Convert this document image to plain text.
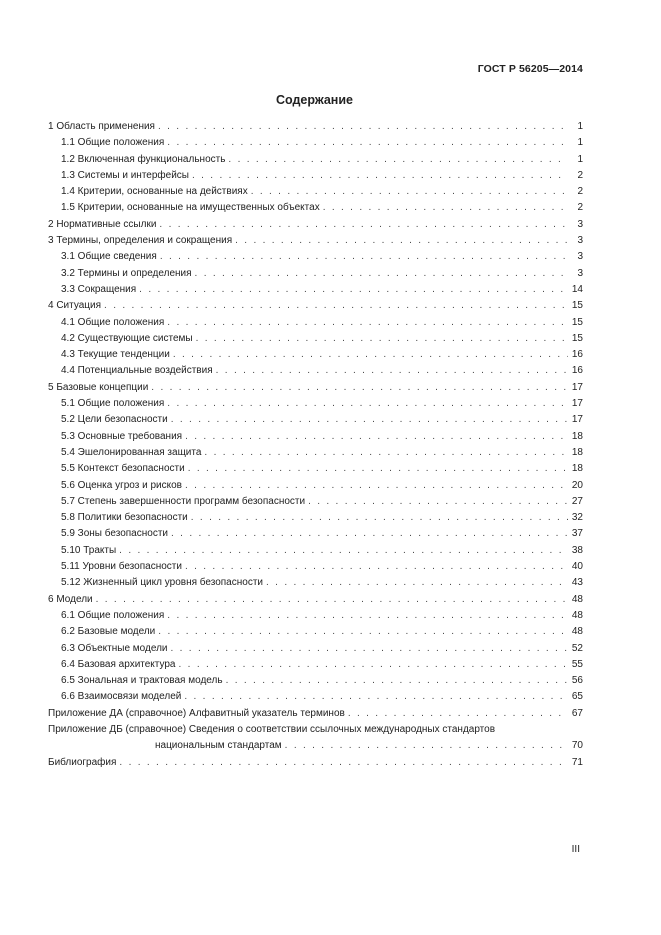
ГОСТ Р 56205—2014
Содержание
1 Область применения . . .	1
1.1 Общие положения . . .	1
1.2 Включенная функциональность . . .	1
1.3 Системы и интерфейсы . . .	2
1.4 Критерии, основанные на действиях . . .	2
1.5 Критерии, основанные на имущественных объектах . . .	2
2 Нормативные ссылки . . .	3
3 Термины, определения и сокращения . . .	3
3.1 Общие сведения . . .	3
3.2 Термины и определения . . .	3
3.3 Сокращения . . .	14
4 Ситуация . . .	15
4.1 Общие положения . . .	15
4.2 Существующие системы . . .	15
4.3 Текущие тенденции . . .	16
4.4 Потенциальные воздействия . . .	16
5 Базовые концепции . . .	17
5.1 Общие положения . . .	17
5.2 Цели безопасности . . .	17
5.3 Основные требования . . .	18
5.4 Эшелонированная защита . . .	18
5.5 Контекст безопасности . . .	18
5.6 Оценка угроз и рисков . . .	20
5.7 Степень завершенности программ безопасности . . .	27
5.8 Политики безопасности . . .	32
5.9 Зоны безопасности . . .	37
5.10 Тракты . . .	38
5.11 Уровни безопасности . . .	40
5.12 Жизненный цикл уровня безопасности . . .	43
6 Модели . . .	48
6.1 Общие положения . . .	48
6.2 Базовые модели . . .	48
6.3 Объектные модели . . .	52
6.4 Базовая архитектура . . .	55
6.5 Зональная и трактовая модель . . .	56
6.6 Взаимосвязи моделей . . .	65
Приложение ДА (справочное) Алфавитный указатель терминов . . .	67
Приложение ДБ (справочное) Сведения о соответствии ссылочных международных стандартов
национальным стандартам . . .	70
Библиография . . .	71
III
